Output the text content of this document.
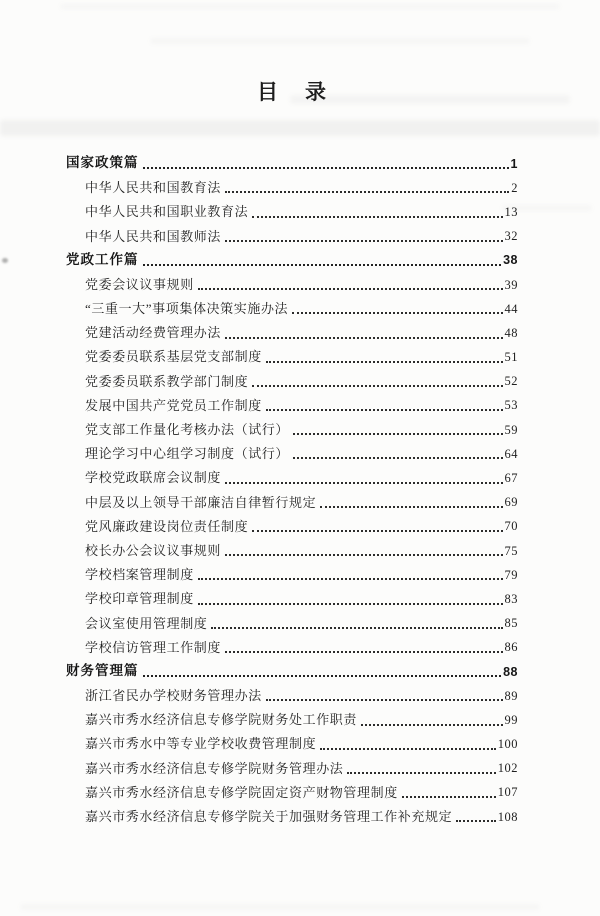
目　录
国家政策篇	1
中华人民共和国教育法	2
中华人民共和国职业教育法	13
中华人民共和国教师法	32
党政工作篇	38
党委会议议事规则	39
“三重一大”事项集体决策实施办法	44
党建活动经费管理办法	48
党委委员联系基层党支部制度	51
党委委员联系教学部门制度	52
发展中国共产党党员工作制度	53
党支部工作量化考核办法（试行）	59
理论学习中心组学习制度（试行）	64
学校党政联席会议制度	67
中层及以上领导干部廉洁自律暂行规定	69
党风廉政建设岗位责任制度	70
校长办公会议议事规则	75
学校档案管理制度	79
学校印章管理制度	83
会议室使用管理制度	85
学校信访管理工作制度	86
财务管理篇	88
浙江省民办学校财务管理办法	89
嘉兴市秀水经济信息专修学院财务处工作职责	99
嘉兴市秀水中等专业学校收费管理制度	100
嘉兴市秀水经济信息专修学院财务管理办法	102
嘉兴市秀水经济信息专修学院固定资产财物管理制度	107
嘉兴市秀水经济信息专修学院关于加强财务管理工作补充规定	108
